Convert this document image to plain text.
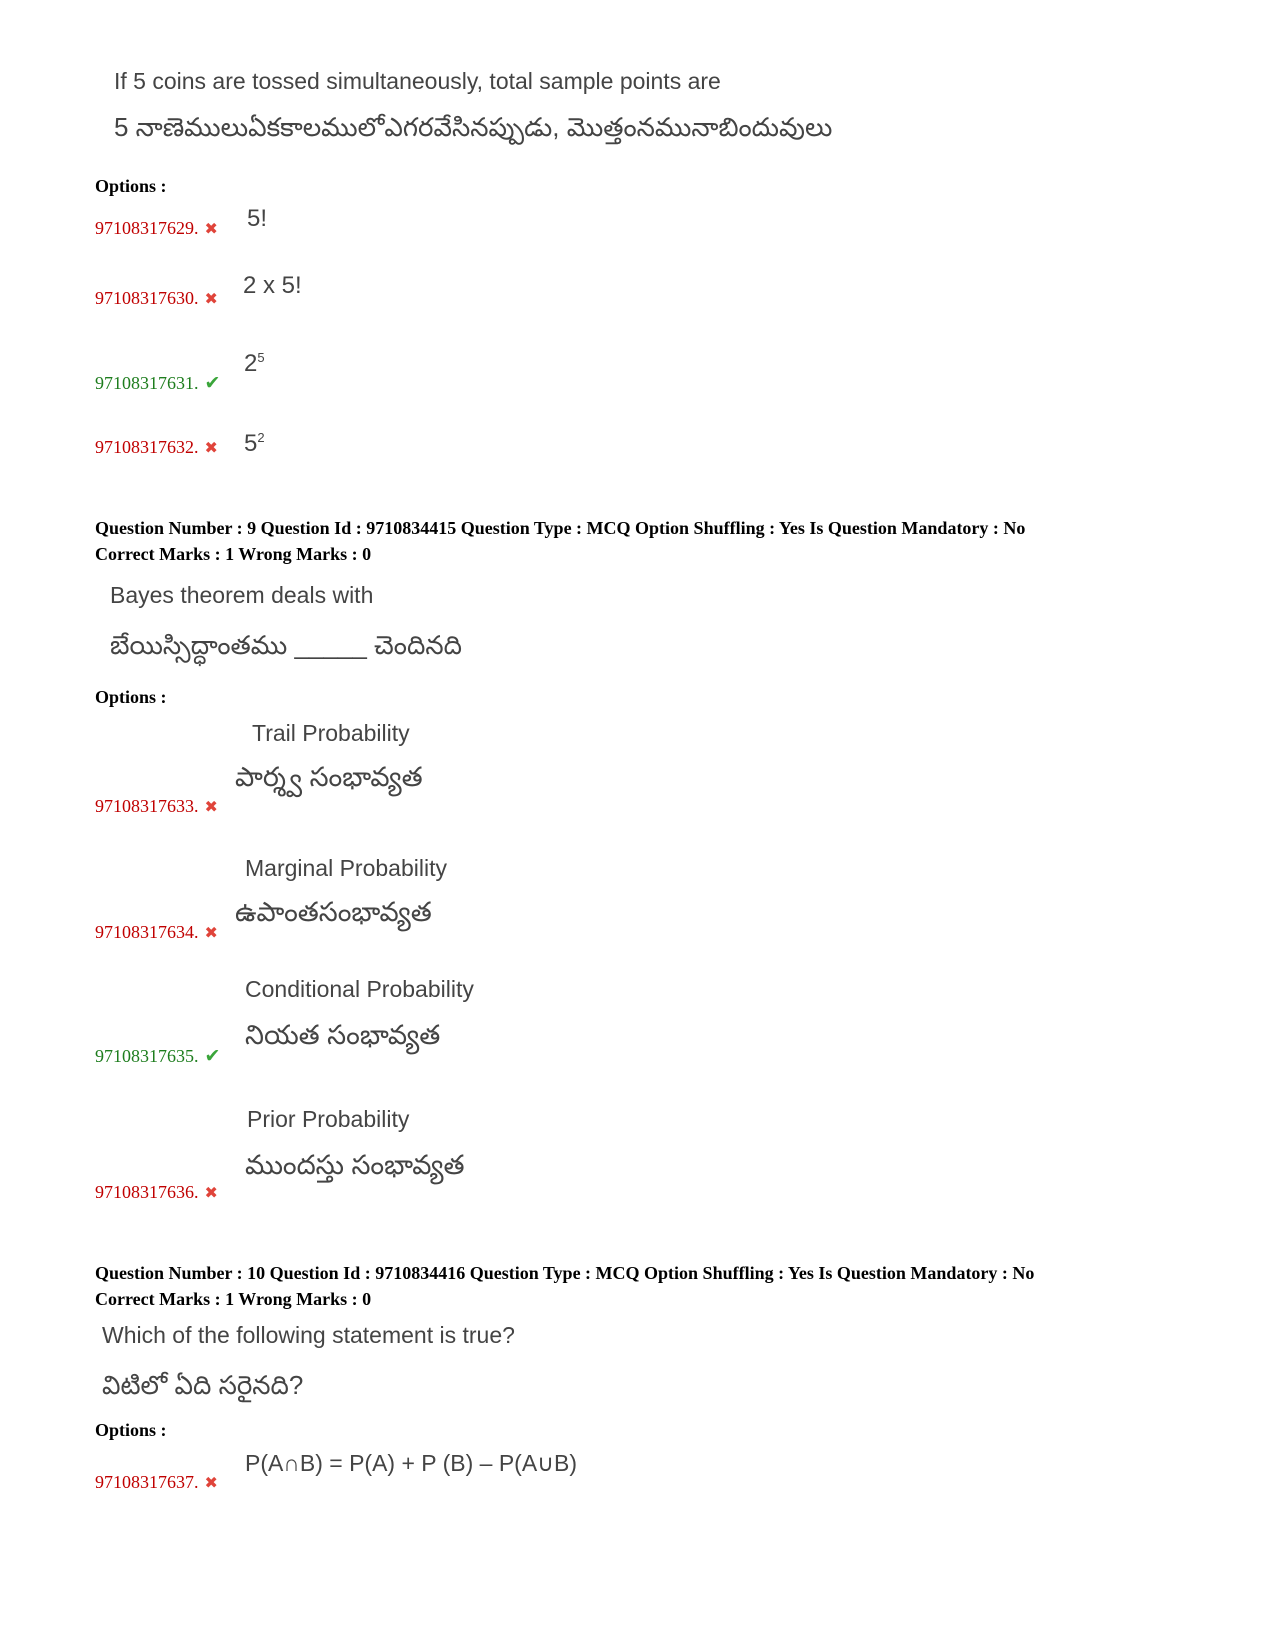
If 5 coins are tossed simultaneously, total sample points are
5 నాణెములుఏకకాలములోఎగరవేసినప్పుడు, మొత్తంనమునాబిందువులు
Options :
97108317629. ✖ 5!
97108317630. ✖
2 x 5!
97108317631. ✔
$2^5$
97108317632. ✖ $5^2$
Question Number : 9 Question Id : 9710834415 Question Type : MCQ Option Shuffling : Yes Is Question Mandatory : No
Correct Marks : 1 Wrong Marks : 0
Bayes theorem deals with
బేయిస్సిద్ధాంతము _____ చెందినది
Options :
Trail Probability
పార్శ్వ సంభావ్యత
97108317633. ✖
Marginal Probability
ఉపాంతసంభావ్యత
97108317634. ✖
Conditional Probability
నియత సంభావ్యత
97108317635. ✔
Prior Probability
ముందస్తు సంభావ్యత
97108317636. ✖
Question Number : 10 Question Id : 9710834416 Question Type : MCQ Option Shuffling : Yes Is Question Mandatory : No
Correct Marks : 1 Wrong Marks : 0
Which of the following statement is true?
విటిలో ఏది సరైనది?
Options :
97108317637. ✖
P(A∩B) = P(A) + P (B) – P(A∪B)
